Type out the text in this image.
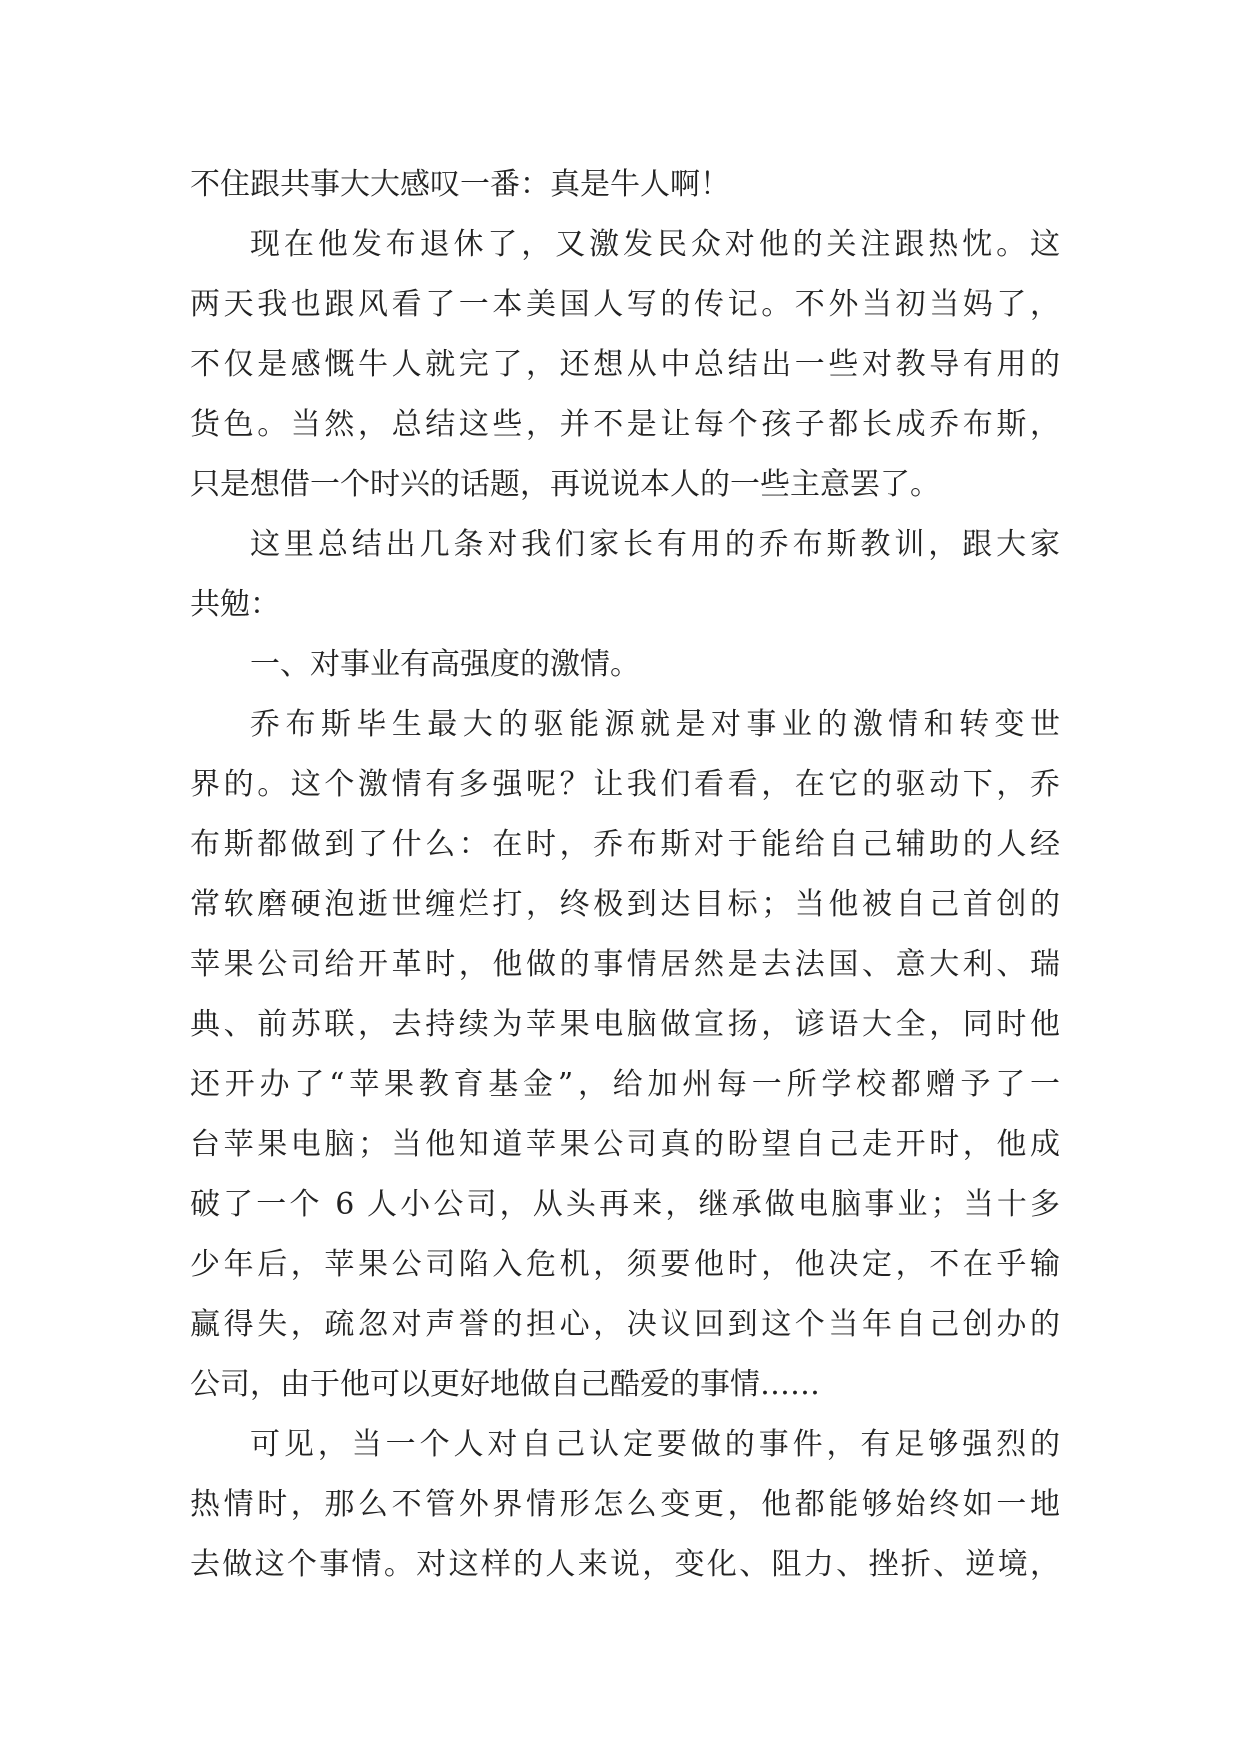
不住跟共事大大感叹一番：真是牛人啊！
现在他发布退休了，又激发民众对他的关注跟热忱。这
两天我也跟风看了一本美国人写的传记。不外当初当妈了，
不仅是感慨牛人就完了，还想从中总结出一些对教导有用的
货色。当然，总结这些，并不是让每个孩子都长成乔布斯，
只是想借一个时兴的话题，再说说本人的一些主意罢了。
这里总结出几条对我们家长有用的乔布斯教训，跟大家
共勉：
一、对事业有高强度的激情。
乔布斯毕生最大的驱能源就是对事业的激情和转变世
界的。这个激情有多强呢？让我们看看，在它的驱动下，乔
布斯都做到了什么：在时，乔布斯对于能给自己辅助的人经
常软磨硬泡逝世缠烂打，终极到达目标；当他被自己首创的
苹果公司给开革时，他做的事情居然是去法国、意大利、瑞
典、前苏联，去持续为苹果电脑做宣扬，谚语大全，同时他
还开办了“苹果教育基金”，给加州每一所学校都赠予了一
台苹果电脑；当他知道苹果公司真的盼望自己走开时，他成
破了一个 6 人小公司，从头再来，继承做电脑事业；当十多
少年后，苹果公司陷入危机，须要他时，他决定，不在乎输
赢得失，疏忽对声誉的担心，决议回到这个当年自己创办的
公司，由于他可以更好地做自己酷爱的事情……
可见，当一个人对自己认定要做的事件，有足够强烈的
热情时，那么不管外界情形怎么变更，他都能够始终如一地
去做这个事情。对这样的人来说，变化、阻力、挫折、逆境，
